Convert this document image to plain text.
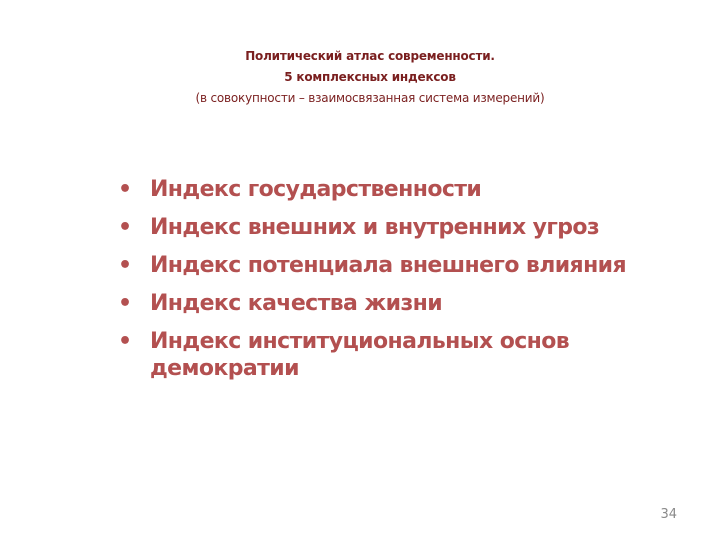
Политический атлас современности.
5 комплексных индексов
(в совокупности – взаимосвязанная система измерений)
• Индекс государственности
• Индекс внешних и внутренних угроз
• Индекс потенциала внешнего влияния
• Индекс качества жизни
• Индекс институциональных основ демократии
34
